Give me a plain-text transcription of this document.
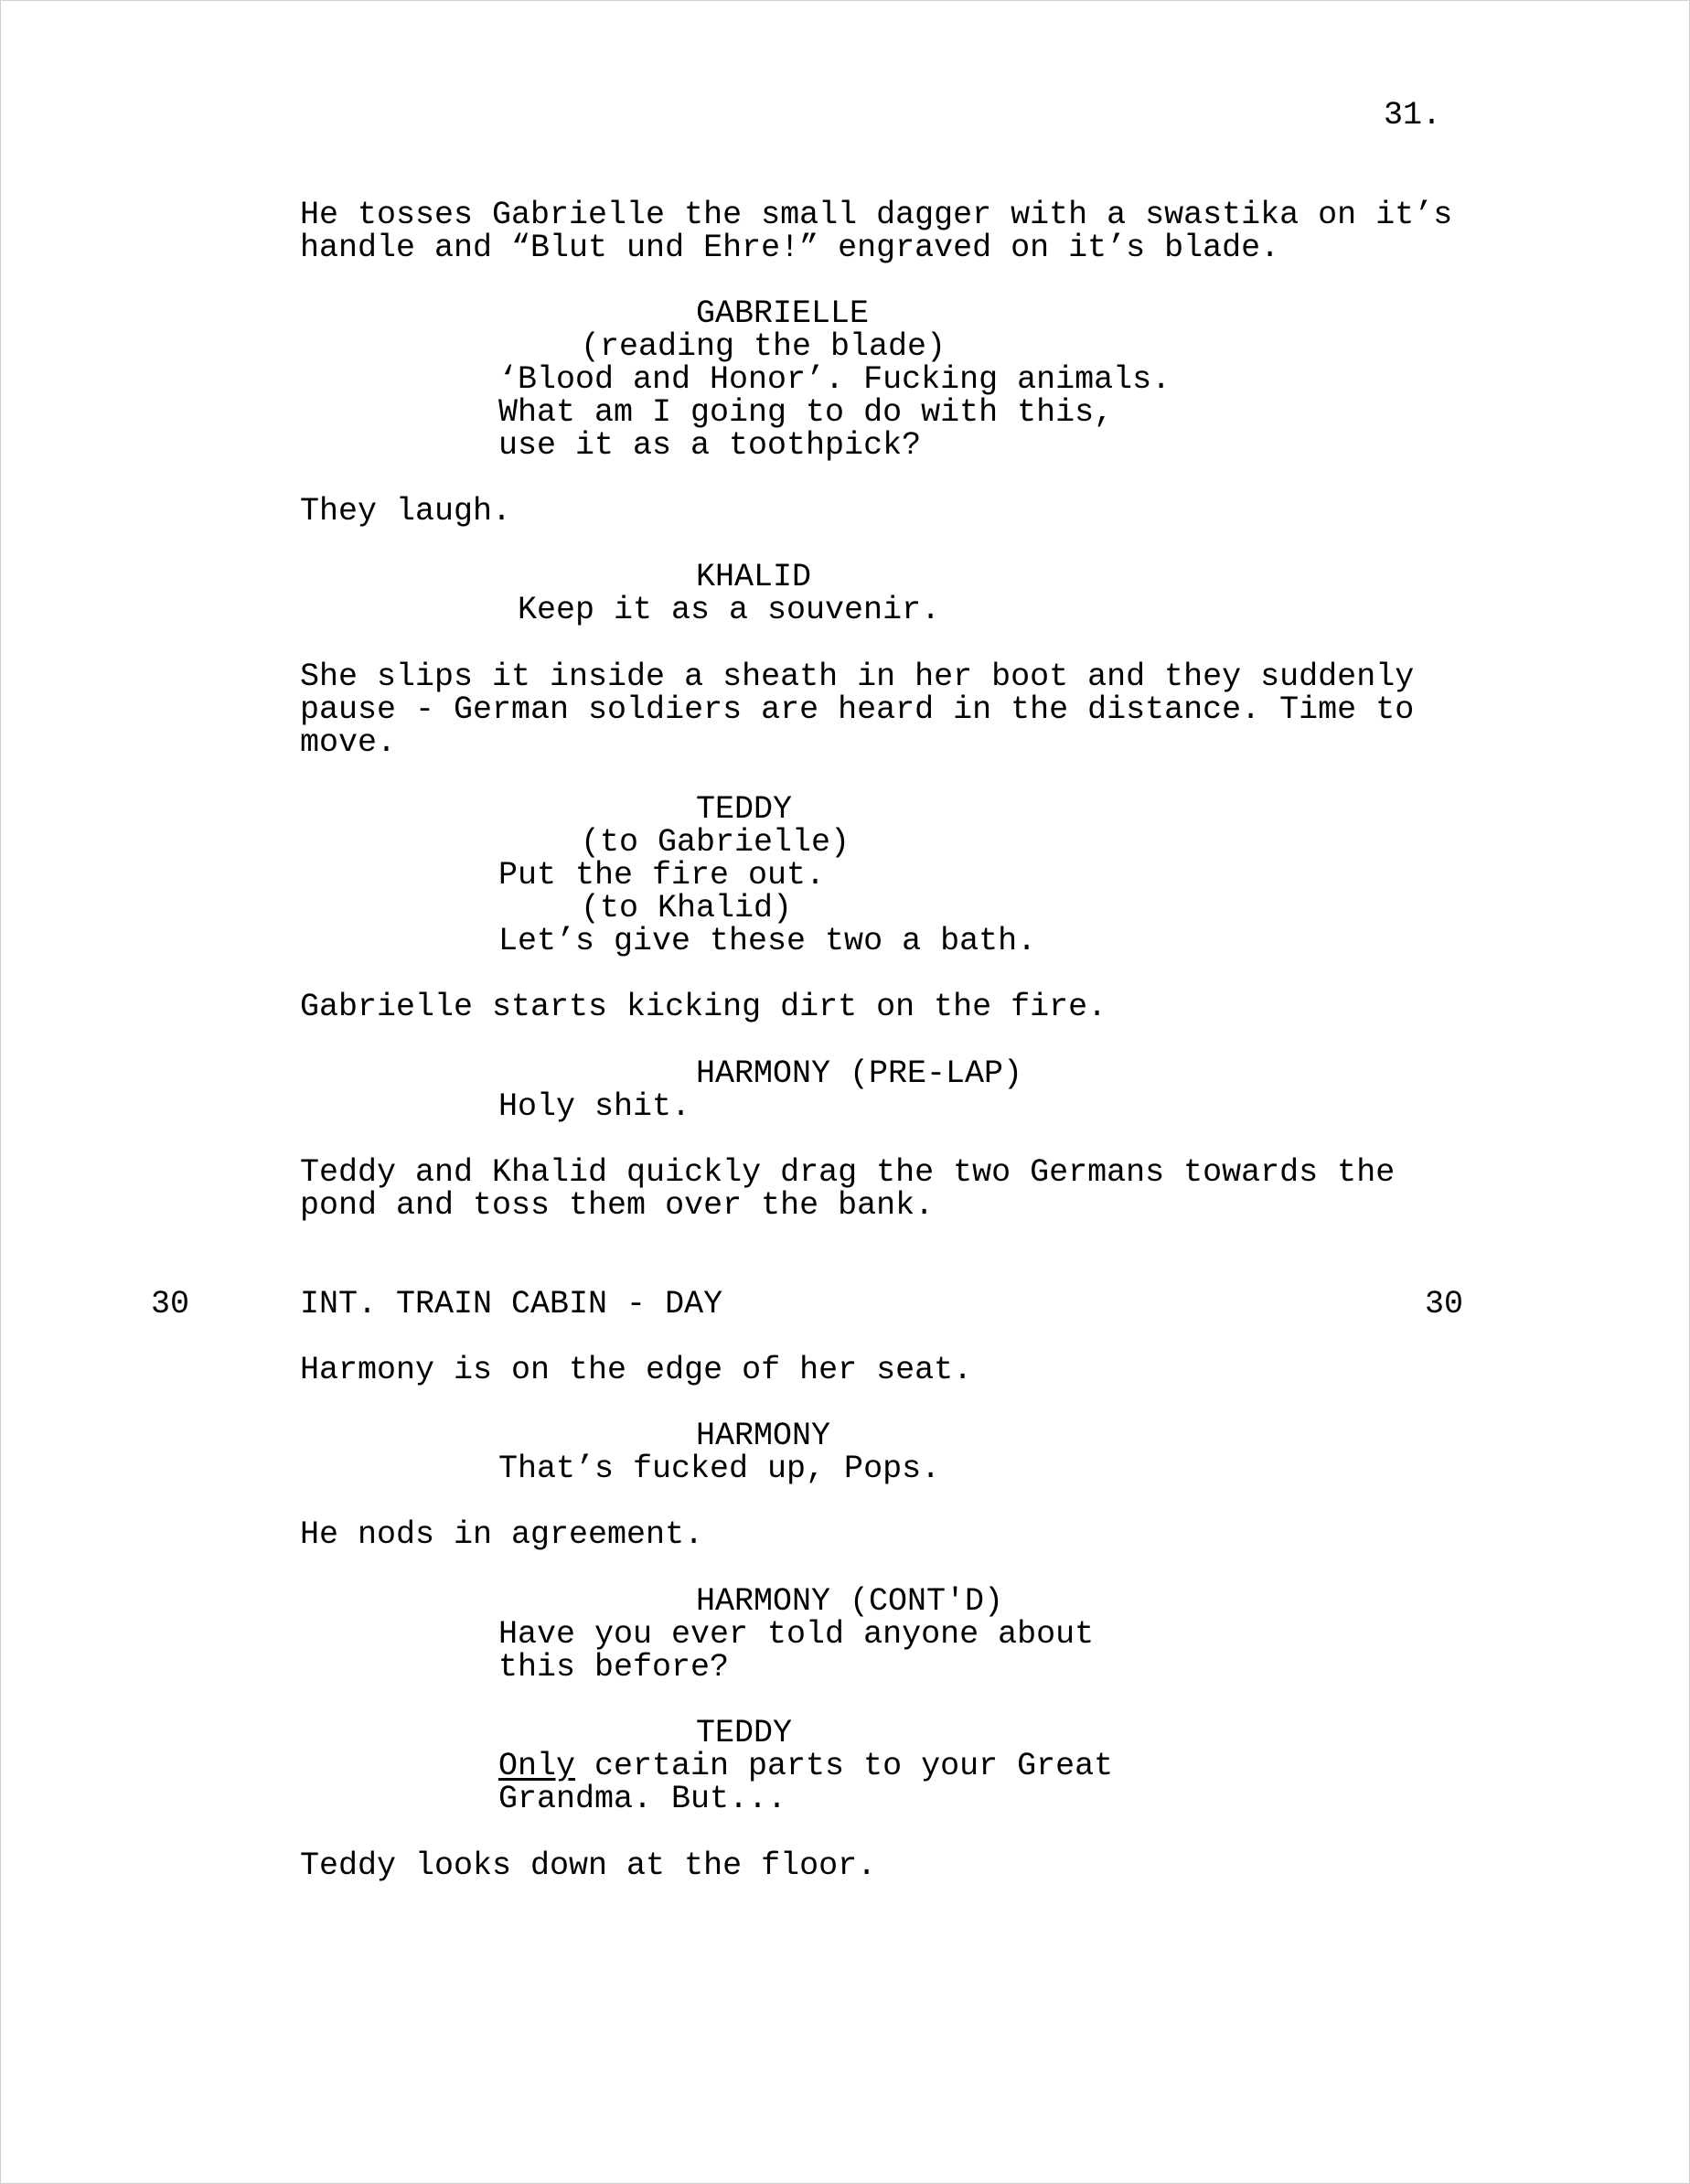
31.
He tosses Gabrielle the small dagger with a swastika on it’s
handle and “Blut und Ehre!” engraved on it’s blade.
GABRIELLE
(reading the blade)
‘Blood and Honor’. Fucking animals.
What am I going to do with this,
use it as a toothpick?
They laugh.
KHALID
Keep it as a souvenir.
She slips it inside a sheath in her boot and they suddenly
pause - German soldiers are heard in the distance. Time to
move.
TEDDY
(to Gabrielle)
Put the fire out.
(to Khalid)
Let’s give these two a bath.
Gabrielle starts kicking dirt on the fire.
HARMONY (PRE-LAP)
Holy shit.
Teddy and Khalid quickly drag the two Germans towards the
pond and toss them over the bank.
30	INT. TRAIN CABIN - DAY	30
Harmony is on the edge of her seat.
HARMONY
That’s fucked up, Pops.
He nods in agreement.
HARMONY (CONT'D)
Have you ever told anyone about
this before?
TEDDY
Only certain parts to your Great
Grandma. But...
Teddy looks down at the floor.
